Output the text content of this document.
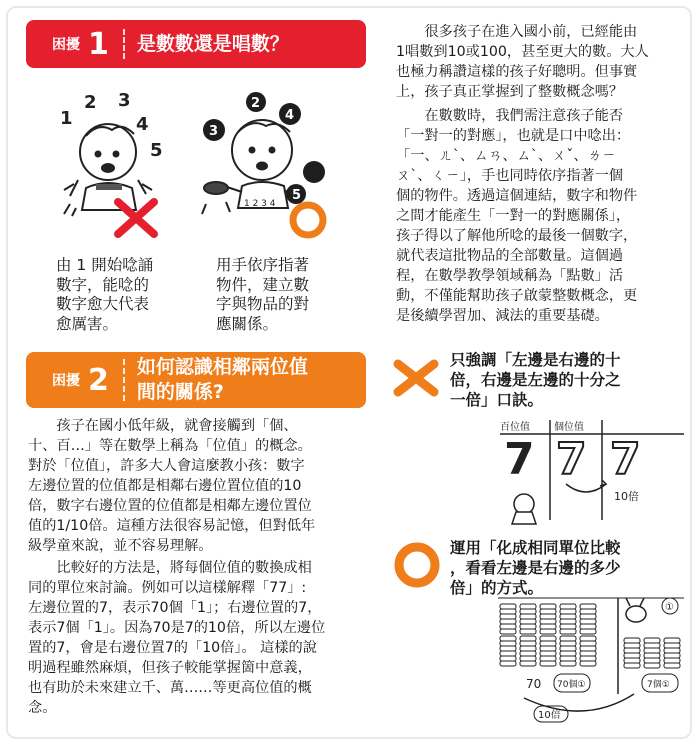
困擾 1 是數數還是唱數？
1
2 3
4
5
2
4
3
5
1 2 3 4
由 1 開始唸誦
數字，能唸的
數字愈大代表
愈厲害。
用手依序指著
物件，建立數
字與物品的對
應關係。
很多孩子在進入國小前，已經能由
1唱數到10或100，甚至更大的數。大人
也極力稱讚這樣的孩子好聰明。但事實
上，孩子真正掌握到了整數概念嗎？
在數數時，我們需注意孩子能否
「一對一的對應」，也就是口中唸出：
「一、ㄦˋ、ㄙㄢ、ㄙˋ、ㄨˇ、ㄌㄧ
ㄡˋ、ㄑㄧ」，手也同時依序指著一個
個的物件。透過這個連結，數字和物件
之間才能產生「一對一的對應關係」，
孩子得以了解他所唸的最後一個數字，
就代表這批物品的全部數量。這個過
程，在數學教學領域稱為「點數」活
動，不僅能幫助孩子啟蒙整數概念，更
是後續學習加、減法的重要基礎。
困擾 2 如何認識相鄰兩位值
間的關係?
孩子在國小低年級，就會接觸到「個、
十、百…」等在數學上稱為「位值」的概念。
對於「位值」，許多大人會這麼教小孩：數字
左邊位置的位值都是相鄰右邊位置位值的10
倍，數字右邊位置的位值都是相鄰左邊位置位
值的1/10倍。這種方法很容易記憶，但對低年
級學童來說，並不容易理解。
比較好的方法是，將每個位值的數換成相
同的單位來討論。例如可以這樣解釋「77」:
左邊位置的7，表示70個「1」；右邊位置的7，
表示7個「1」。因為70是7的10倍，所以左邊位
置的7，會是右邊位置7的「10倍」。 這樣的說
明過程雖然麻煩，但孩子較能掌握箇中意義，
也有助於未來建立千、萬……等更高位值的概
念。
只強調「左邊是右邊的十
倍，右邊是左邊的十分之
一倍」口訣。
百位值 個位值
7 7 7
10倍
運用「化成相同單位比較
，看看左邊是右邊的多少
倍」的方式。
70 70個①	7個①
10倍
①
